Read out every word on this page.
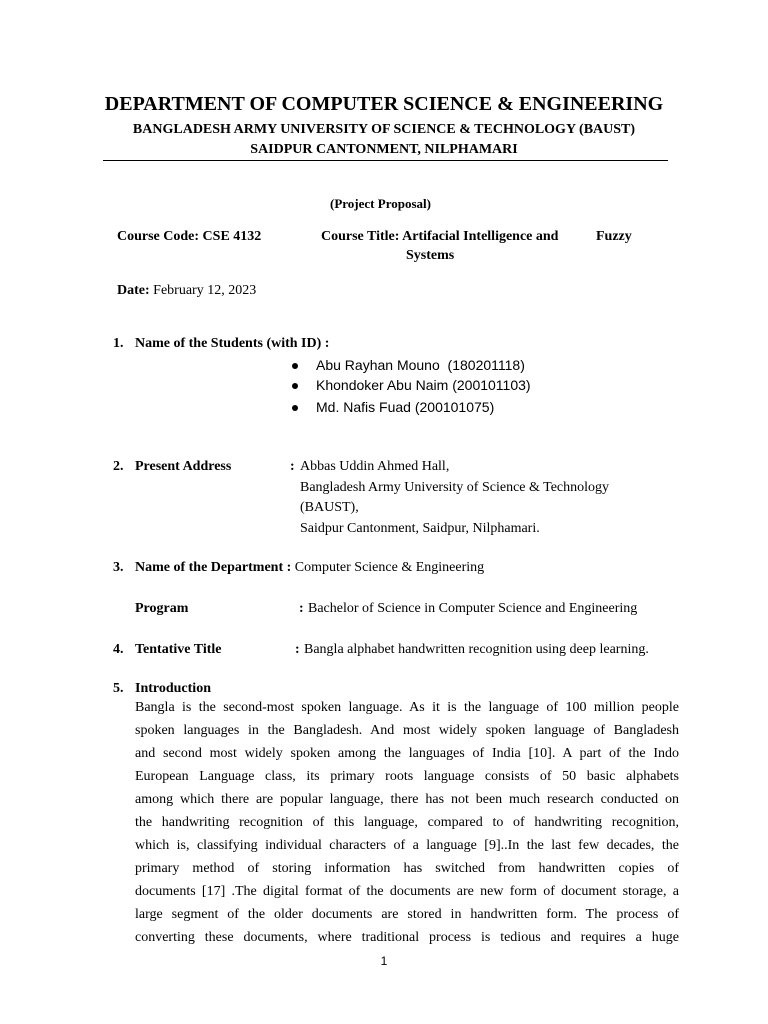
DEPARTMENT OF COMPUTER SCIENCE & ENGINEERING
BANGLADESH ARMY UNIVERSITY OF SCIENCE & TECHNOLOGY (BAUST)
SAIDPUR CANTONMENT, NILPHAMARI
(Project Proposal)
Course Code: CSE 4132	Course Title: Artifacial Intelligence and	Fuzzy
Systems
Date: February 12, 2023
1. Name of the Students (with ID) :
Abu Rayhan Mouno (180201118)
Khondoker Abu Naim (200101103)
Md. Nafis Fuad (200101075)
2. Present Address	: Abbas Uddin Ahmed Hall,
Bangladesh Army University of Science & Technology
(BAUST),
Saidpur Cantonment, Saidpur, Nilphamari.
3. Name of the Department : Computer Science & Engineering
Program	: Bachelor of Science in Computer Science and Engineering
4. Tentative Title	: Bangla alphabet handwritten recognition using deep learning.
5. Introduction
Bangla is the second-most spoken language. As it is the language of 100 million people
spoken languages in the Bangladesh. And most widely spoken language of Bangladesh
and second most widely spoken among the languages of India [10]. A part of the Indo
European Language class, its primary roots language consists of 50 basic alphabets
among which there are popular language, there has not been much research conducted on
the handwriting recognition of this language, compared to of handwriting recognition,
which is, classifying individual characters of a language [9]..In the last few decades, the
primary method of storing information has switched from handwritten copies of
documents [17] .The digital format of the documents are new form of document storage, a
large segment of the older documents are stored in handwritten form. The process of
converting these documents, where traditional process is tedious and requires a huge
1
